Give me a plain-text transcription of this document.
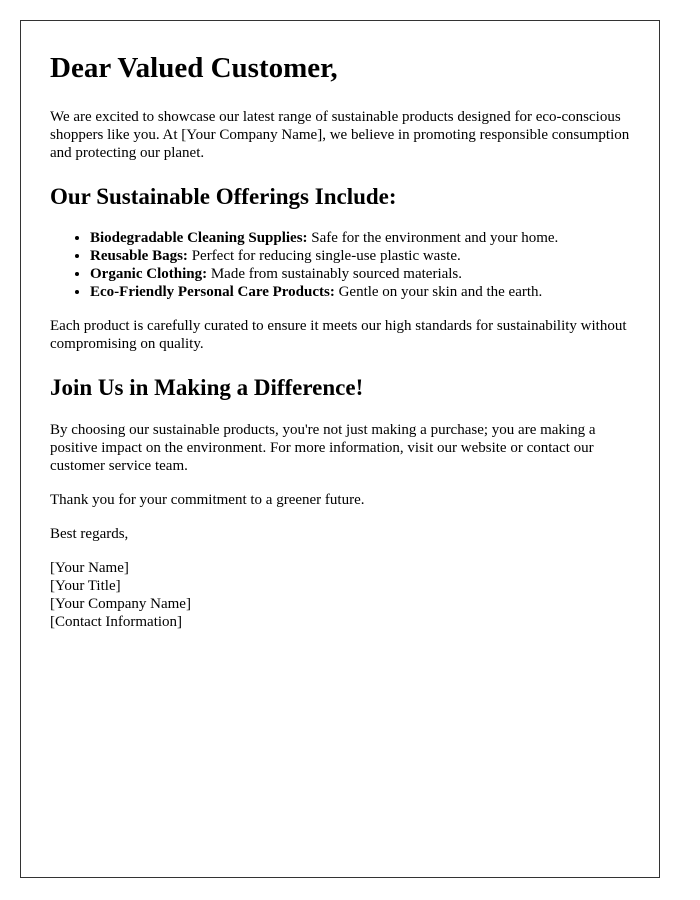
Dear Valued Customer,

We are excited to showcase our latest range of sustainable products designed for eco-conscious shoppers like you. At [Your Company Name], we believe in promoting responsible consumption and protecting our planet.

Our Sustainable Offerings Include:
• Biodegradable Cleaning Supplies: Safe for the environment and your home.
• Reusable Bags: Perfect for reducing single-use plastic waste.
• Organic Clothing: Made from sustainably sourced materials.
• Eco-Friendly Personal Care Products: Gentle on your skin and the earth.

Each product is carefully curated to ensure it meets our high standards for sustainability without compromising on quality.

Join Us in Making a Difference!

By choosing our sustainable products, you're not just making a purchase; you are making a positive impact on the environment. For more information, visit our website or contact our customer service team.

Thank you for your commitment to a greener future.

Best regards,

[Your Name]
[Your Title]
[Your Company Name]
[Contact Information]
